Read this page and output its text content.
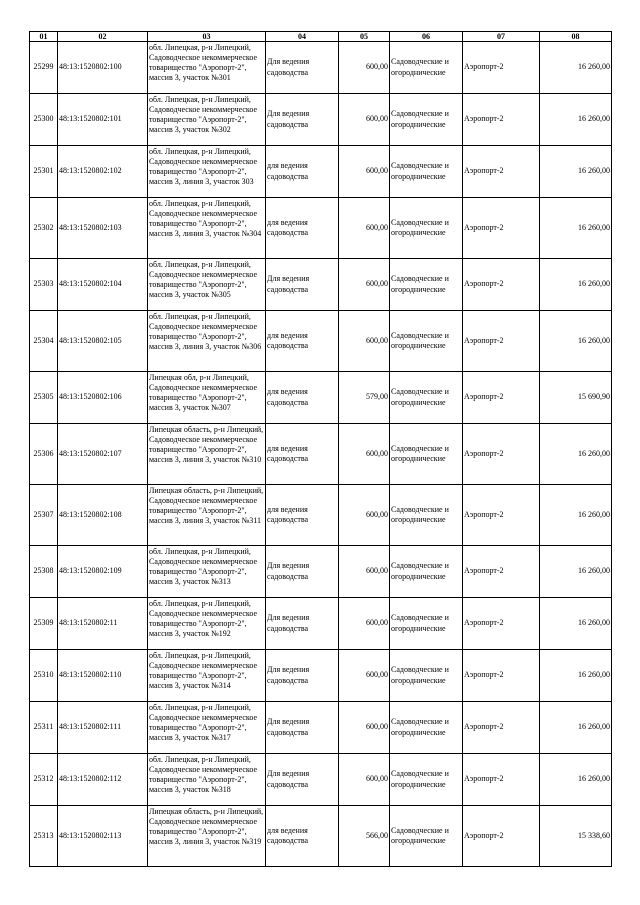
01	02	03	04	05	06	07	08
25299	48:13:1520802:100	обл. Липецкая, р-н Липецкий, Садоводческое некоммерческое товарищество "Аэропорт-2", массив 3, участок №301	Для ведения садоводства	600,00	Садоводческие и огороднические	Аэропорт-2	16 260,00
25300	48:13:1520802:101	обл. Липецкая, р-н Липецкий, Садоводческое некоммерческое товарищество "Аэропорт-2", массив 3, участок №302	Для ведения садоводства	600,00	Садоводческие и огороднические	Аэропорт-2	16 260,00
25301	48:13:1520802:102	обл. Липецкая, р-н Липецкий, Садоводческое некоммерческое товарищество "Аэропорт-2", массив 3, линия 3, участок 303	для ведения садоводства	600,00	Садоводческие и огороднические	Аэропорт-2	16 260,00
25302	48:13:1520802:103	обл. Липецкая, р-н Липецкий, Садоводческое некоммерческое товарищество "Аэропорт-2", массив 3, линия 3, участок №304	для ведения садоводства	600,00	Садоводческие и огороднические	Аэропорт-2	16 260,00
25303	48:13:1520802:104	обл. Липецкая, р-н Липецкий, Садоводческое некоммерческое товарищество "Аэропорт-2", массив 3, участок №305	Для ведения садоводства	600,00	Садоводческие и огороднические	Аэропорт-2	16 260,00
25304	48:13:1520802:105	обл. Липецкая, р-н Липецкий, Садоводческое некоммерческое товарищество "Аэропорт-2", массив 3, линия 3, участок №306	для ведения садоводства	600,00	Садоводческие и огороднические	Аэропорт-2	16 260,00
25305	48:13:1520802:106	Липецкая обл, р-н Липецкий, Садоводческое некоммерческое товарищество "Аэропорт-2", массив 3, участок №307	для ведения садоводства	579,00	Садоводческие и огороднические	Аэропорт-2	15 690,90
25306	48:13:1520802:107	Липецкая область, р-н Липецкий, Садоводческое некоммерческое товарищество "Аэропорт-2", массив 3, линия 3, участок №310	для ведения садоводства	600,00	Садоводческие и огороднические	Аэропорт-2	16 260,00
25307	48:13:1520802:108	Липецкая область, р-н Липецкий, Садоводческое некоммерческое товарищество "Аэропорт-2", массив 3, линия 3, участок №311	для ведения садоводства	600,00	Садоводческие и огороднические	Аэропорт-2	16 260,00
25308	48:13:1520802:109	обл. Липецкая, р-н Липецкий, Садоводческое некоммерческое товарищество "Аэропорт-2", массив 3, участок №313	Для ведения садоводства	600,00	Садоводческие и огороднические	Аэропорт-2	16 260,00
25309	48:13:1520802:11	обл. Липецкая, р-н Липецкий, Садоводческое некоммерческое товарищество "Аэропорт-2", массив 3, участок №192	Для ведения садоводства	600,00	Садоводческие и огороднические	Аэропорт-2	16 260,00
25310	48:13:1520802:110	обл. Липецкая, р-н Липецкий, Садоводческое некоммерческое товарищество "Аэропорт-2", массив 3, участок №314	Для ведения садоводства	600,00	Садоводческие и огороднические	Аэропорт-2	16 260,00
25311	48:13:1520802:111	обл. Липецкая, р-н Липецкий, Садоводческое некоммерческое товарищество "Аэропорт-2", массив 3, участок №317	Для ведения садоводства	600,00	Садоводческие и огороднические	Аэропорт-2	16 260,00
25312	48:13:1520802:112	обл. Липецкая, р-н Липецкий, Садоводческое некоммерческое товарищество "Аэропорт-2", массив 3, участок №318	Для ведения садоводства	600,00	Садоводческие и огороднические	Аэропорт-2	16 260,00
25313	48:13:1520802:113	Липецкая область, р-н Липецкий, Садоводческое некоммерческое товарищество "Аэропорт-2", массив 3, линия 3, участок №319	для ведения садоводства	566,00	Садоводческие и огороднические	Аэропорт-2	15 338,60
